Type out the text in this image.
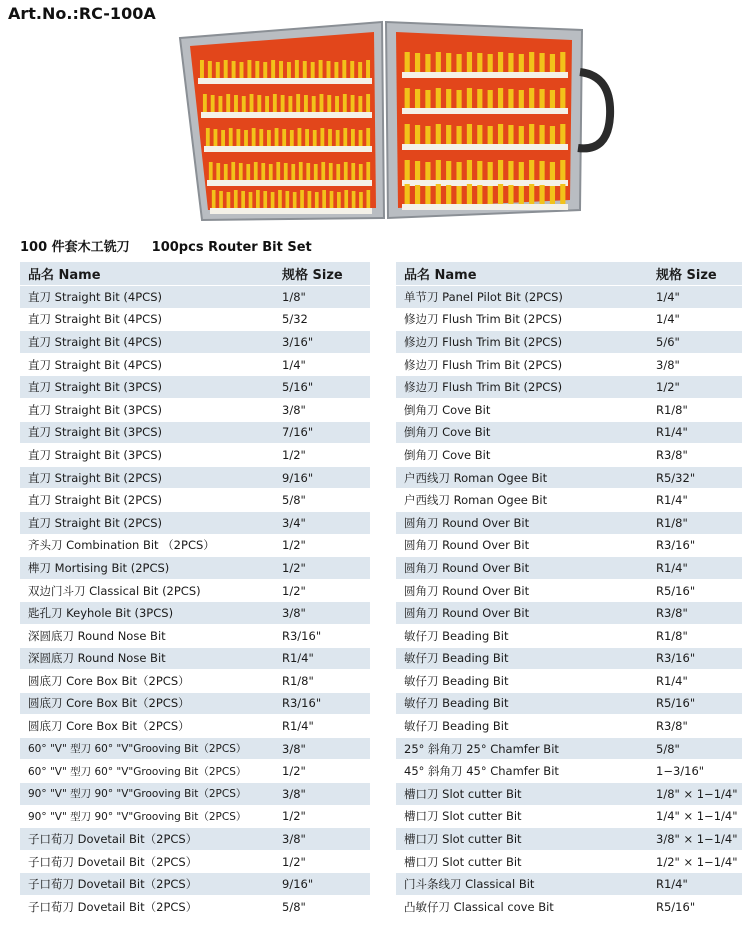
Art.No.:RC-100A
100 件套木工铣刀 100pcs Router Bit Set
品名 Name	规格 Size
直刀 Straight Bit (4PCS)	1/8"
直刀 Straight Bit (4PCS)	5/32
直刀 Straight Bit (4PCS)	3/16"
直刀 Straight Bit (4PCS)	1/4"
直刀 Straight Bit (3PCS)	5/16"
直刀 Straight Bit (3PCS)	3/8"
直刀 Straight Bit (3PCS)	7/16"
直刀 Straight Bit (3PCS)	1/2"
直刀 Straight Bit (2PCS)	9/16"
直刀 Straight Bit (2PCS)	5/8"
直刀 Straight Bit (2PCS)	3/4"
齐头刀 Combination Bit （2PCS）	1/2"
榫刀 Mortising Bit (2PCS)	1/2"
双边门斗刀 Classical Bit (2PCS)	1/2"
匙孔刀 Keyhole Bit (3PCS)	3/8"
深圆底刀 Round Nose Bit	R3/16"
深圆底刀 Round Nose Bit	R1/4"
圆底刀 Core Box Bit（2PCS）	R1/8"
圆底刀 Core Box Bit（2PCS）	R3/16"
圆底刀 Core Box Bit（2PCS）	R1/4"
60° "V" 型刀 60° "V"Grooving Bit（2PCS）	3/8"
60° "V" 型刀 60° "V"Grooving Bit（2PCS）	1/2"
90° "V" 型刀 90° "V"Grooving Bit（2PCS）	3/8"
90° "V" 型刀 90° "V"Grooving Bit（2PCS）	1/2"
子口荀刀 Dovetail Bit（2PCS）	3/8"
子口荀刀 Dovetail Bit（2PCS）	1/2"
子口荀刀 Dovetail Bit（2PCS）	9/16"
子口荀刀 Dovetail Bit（2PCS）	5/8"
品名 Name	规格 Size
单节刀 Panel Pilot Bit (2PCS)	1/4"
修边刀 Flush Trim Bit (2PCS)	1/4"
修边刀 Flush Trim Bit (2PCS)	5/6"
修边刀 Flush Trim Bit (2PCS)	3/8"
修边刀 Flush Trim Bit (2PCS)	1/2"
倒角刀 Cove Bit	R1/8"
倒角刀 Cove Bit	R1/4"
倒角刀 Cove Bit	R3/8"
户西线刀 Roman Ogee Bit	R5/32"
户西线刀 Roman Ogee Bit	R1/4"
圆角刀 Round Over Bit	R1/8"
圆角刀 Round Over Bit	R3/16"
圆角刀 Round Over Bit	R1/4"
圆角刀 Round Over Bit	R5/16"
圆角刀 Round Over Bit	R3/8"
敏仔刀 Beading Bit	R1/8"
敏仔刀 Beading Bit	R3/16"
敏仔刀 Beading Bit	R1/4"
敏仔刀 Beading Bit	R5/16"
敏仔刀 Beading Bit	R3/8"
25° 斜角刀 25° Chamfer Bit	5/8"
45° 斜角刀 45° Chamfer Bit	1−3/16"
槽口刀 Slot cutter Bit	1/8" × 1−1/4"
槽口刀 Slot cutter Bit	1/4" × 1−1/4"
槽口刀 Slot cutter Bit	3/8" × 1−1/4"
槽口刀 Slot cutter Bit	1/2" × 1−1/4"
门斗条线刀 Classical Bit	R1/4"
凸敏仔刀 Classical cove Bit	R5/16"
